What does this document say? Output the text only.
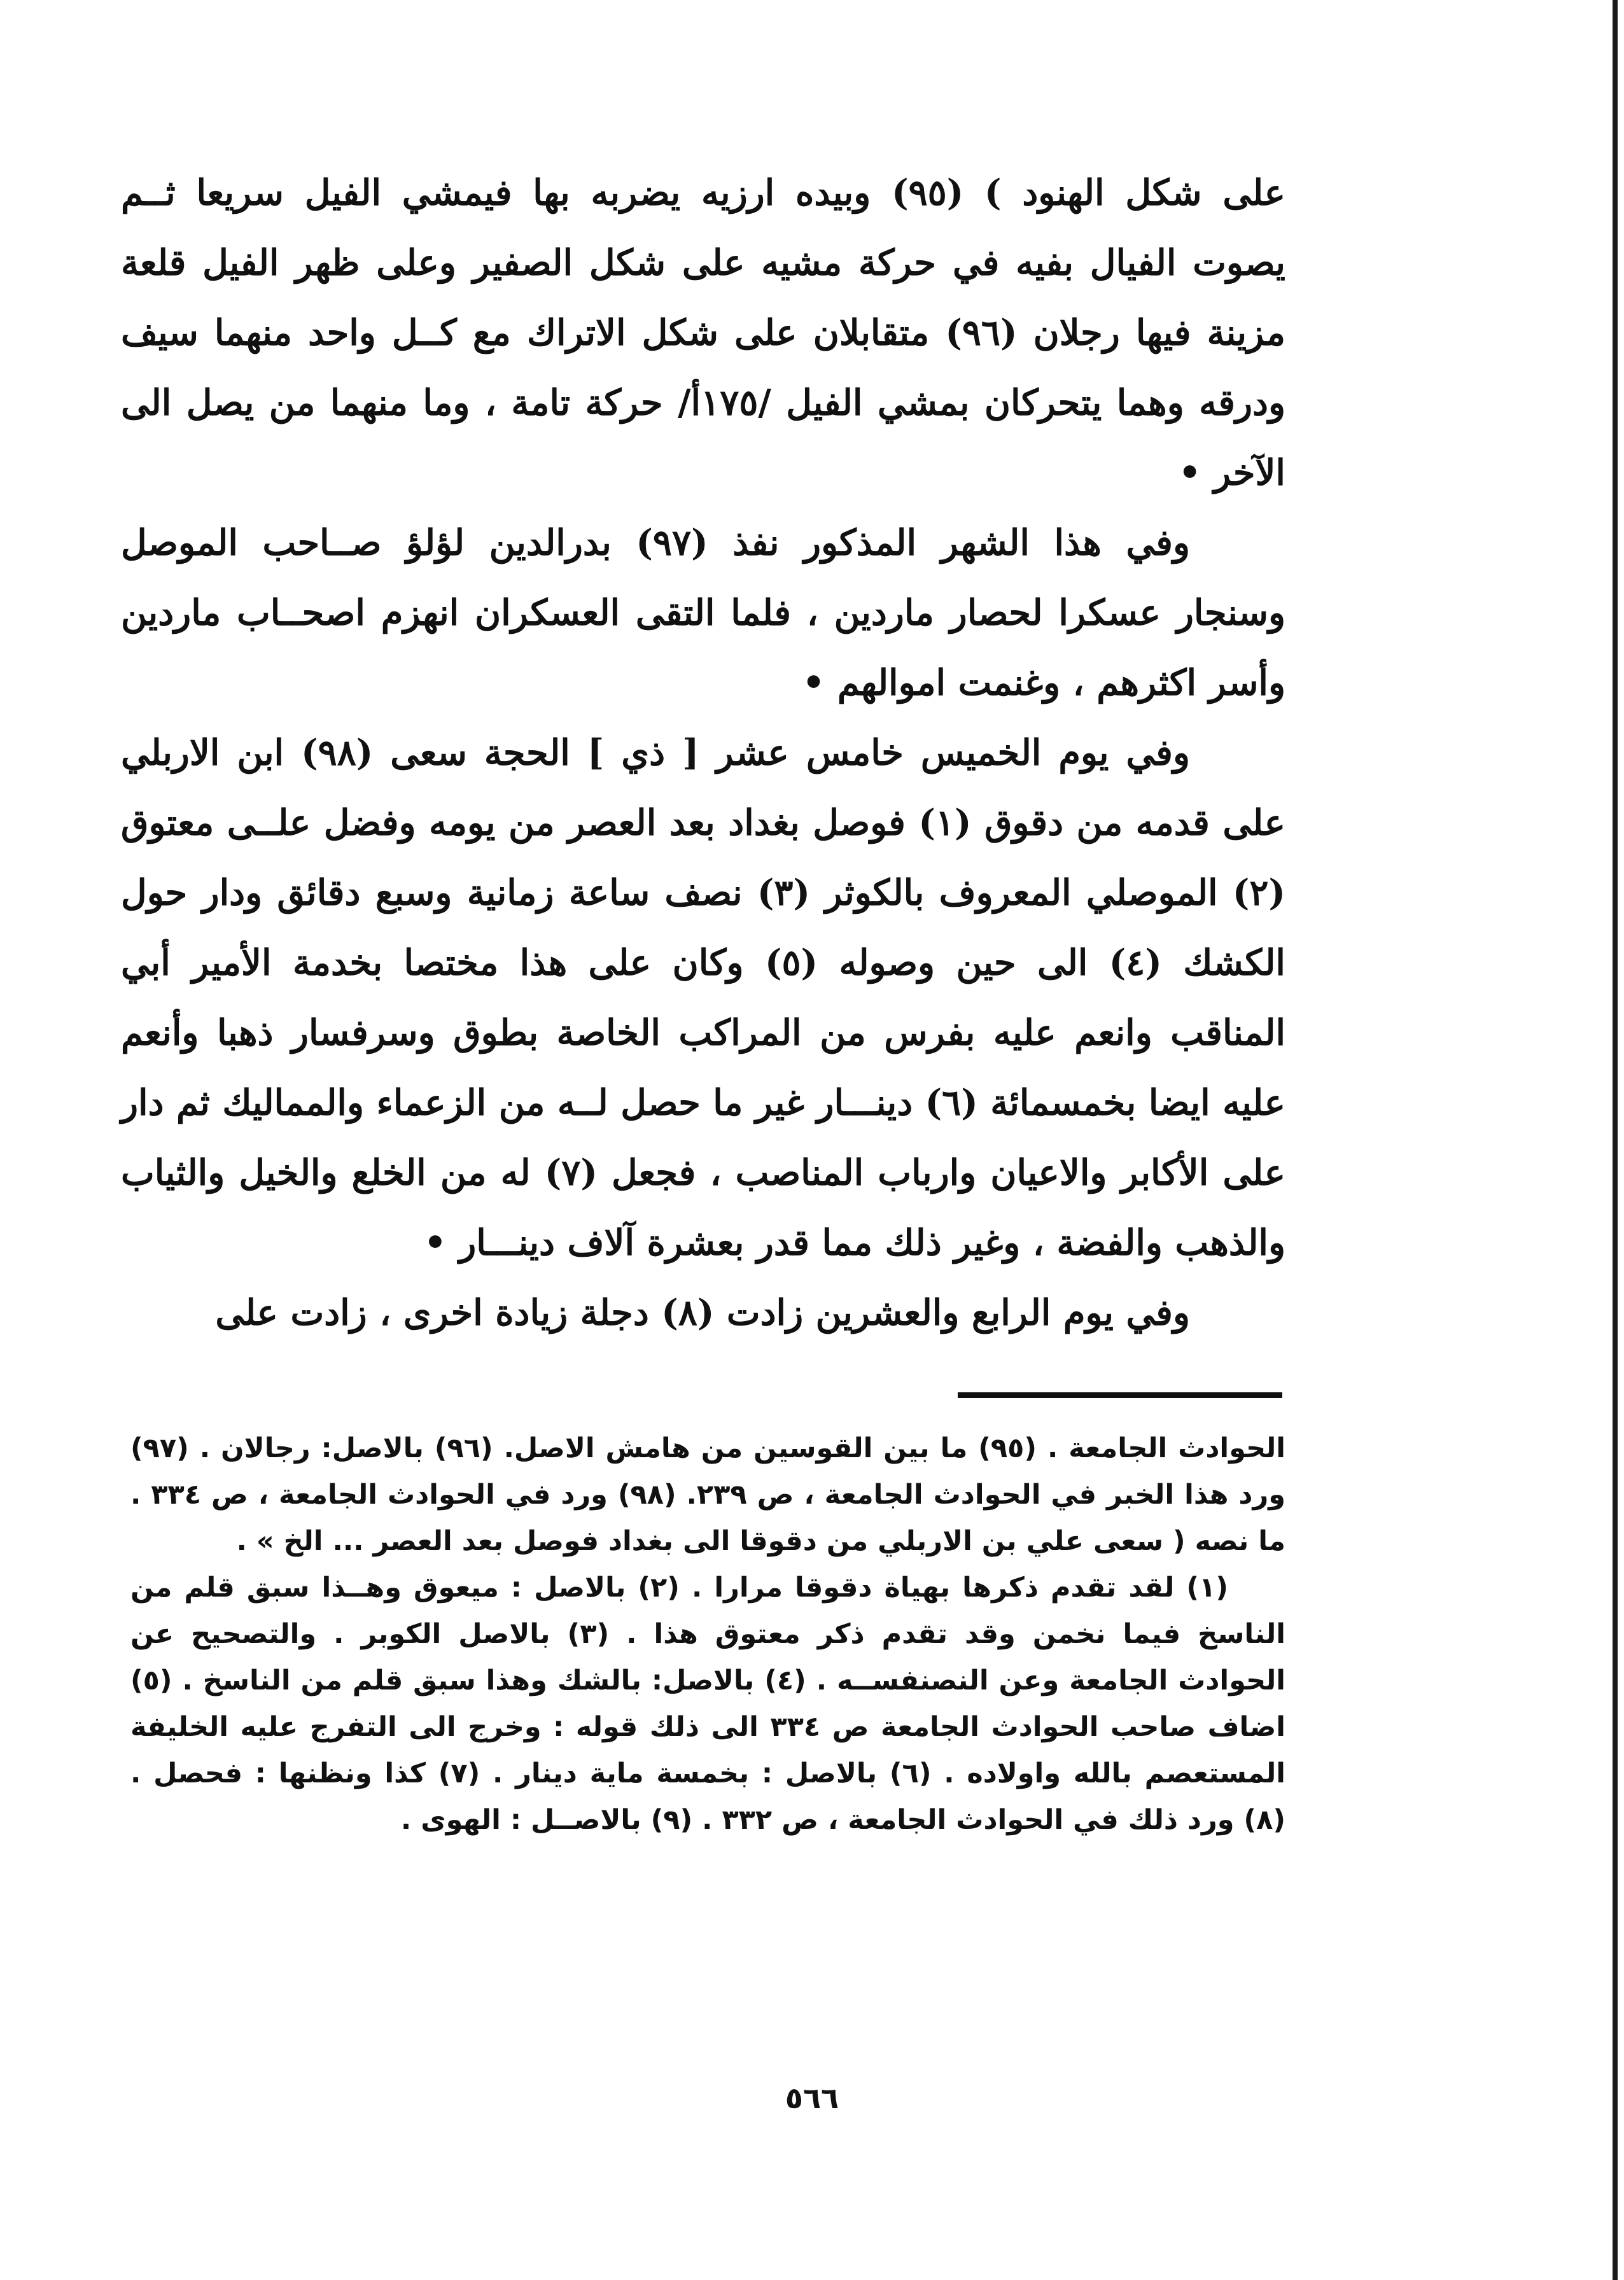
على شكل الهنود ) (٩٥) وبيده ارزيه يضربه بها فيمشي الفيل سريعا ثــم يصوت الفيال بفيه في حركة مشيه على شكل الصفير وعلى ظهر الفيل قلعة مزينة فيها رجلان (٩٦) متقابلان على شكل الاتراك مع كــل واحد منهما سيف ودرقه وهما يتحركان بمشي الفيل /١٧٥أ/ حركة تامة ، وما منهما من يصل الى الآخر •

وفي هذا الشهر المذكور نفذ (٩٧) بدرالدين لؤلؤ صــاحب الموصل وسنجار عسكرا لحصار ماردين ، فلما التقى العسكران انهزم اصحــاب ماردين وأسر اكثرهم ، وغنمت اموالهم •

وفي يوم الخميس خامس عشر [ ذي ] الحجة سعى (٩٨) ابن الاربلي على قدمه من دقوق (١) فوصل بغداد بعد العصر من يومه وفضل علــى معتوق (٢) الموصلي المعروف بالكوثر (٣) نصف ساعة زمانية وسبع دقائق ودار حول الكشك (٤) الى حين وصوله (٥) وكان على هذا مختصا بخدمة الأمير أبي المناقب وانعم عليه بفرس من المراكب الخاصة بطوق وسرفسار ذهبا وأنعم عليه ايضا بخمسمائة (٦) دينـــار غير ما حصل لــه من الزعماء والمماليك ثم دار على الأكابر والاعيان وارباب المناصب ، فجعل (٧) له من الخلع والخيل والثياب والذهب والفضة ، وغير ذلك مما قدر بعشرة آلاف دينـــار •

وفي يوم الرابع والعشرين زادت (٨) دجلة زيادة اخرى ، زادت على

الحوادث الجامعة . (٩٥) ما بين القوسين من هامش الاصل. (٩٦) بالاصل: رجالان . (٩٧) ورد هذا الخبر في الحوادث الجامعة ، ص ٢٣٩. (٩٨) ورد في الحوادث الجامعة ، ص ٣٣٤ . ما نصه ( سعى علي بن الاربلي من دقوقا الى بغداد فوصل بعد العصر ... الخ » .

(١) لقد تقدم ذكرها بهياة دقوقا مرارا . (٢) بالاصل : ميعوق وهــذا سبق قلم من الناسخ فيما نخمن وقد تقدم ذكر معتوق هذا . (٣) بالاصل الكوبر . والتصحيح عن الحوادث الجامعة وعن النصنفســه . (٤) بالاصل: بالشك وهذا سبق قلم من الناسخ . (٥) اضاف صاحب الحوادث الجامعة ص ٣٣٤ الى ذلك قوله : وخرج الى التفرج عليه الخليفة المستعصم بالله واولاده . (٦) بالاصل : بخمسة ماية دينار . (٧) كذا ونظنها : فحصل . (٨) ورد ذلك في الحوادث الجامعة ، ص ٣٣٢ . (٩) بالاصــل : الهوى .

٥٦٦
